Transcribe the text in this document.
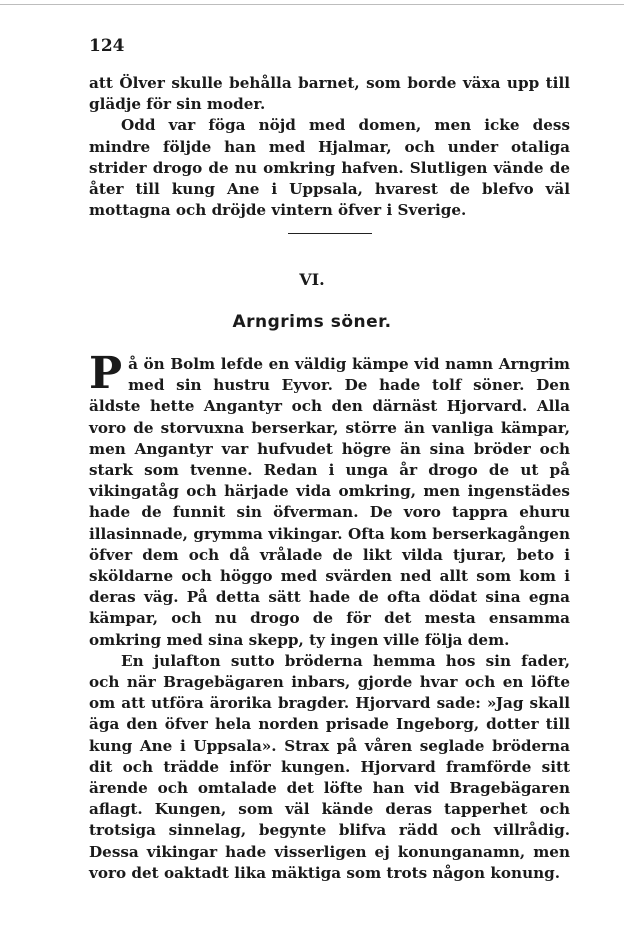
124

att Ölver skulle behålla barnet, som borde växa upp till glädje för sin moder.

Odd var föga nöjd med domen, men icke dess mindre följde han med Hjalmar, och under otaliga strider drogo de nu omkring hafven. Slutligen vände de åter till kung Ane i Uppsala, hvarest de blefvo väl mottagna och dröjde vintern öfver i Sverige.

VI.
Arngrims söner.

På ön Bolm lefde en väldig kämpe vid namn Arngrim med sin hustru Eyvor. De hade tolf söner. Den äldste hette Angantyr och den därnäst Hjorvard. Alla voro de storvuxna berserkar, större än vanliga kämpar, men Angantyr var hufvudet högre än sina bröder och stark som tvenne. Redan i unga år drogo de ut på vikingatåg och härjade vida omkring, men ingenstädes hade de funnit sin öfverman. De voro tappra ehuru illasinnade, grymma vikingar. Ofta kom berserkagången öfver dem och då vrålade de likt vilda tjurar, beto i sköldarne och höggo med svärden ned allt som kom i deras väg. På detta sätt hade de ofta dödat sina egna kämpar, och nu drogo de för det mesta ensamma omkring med sina skepp, ty ingen ville följa dem.

En julafton sutto bröderna hemma hos sin fader, och när Bragebägaren inbars, gjorde hvar och en löfte om att utföra ärorika bragder. Hjorvard sade: »Jag skall äga den öfver hela norden prisade Ingeborg, dotter till kung Ane i Uppsala». Strax på våren seglade bröderna dit och trädde inför kungen. Hjorvard framförde sitt ärende och omtalade det löfte han vid Bragebägaren aflagt. Kungen, som väl kände deras tapperhet och trotsiga sinnelag, begynte blifva rädd och villrådig. Dessa vikingar hade visserligen ej konunganamn, men voro det oaktadt lika mäktiga som trots någon konung.
